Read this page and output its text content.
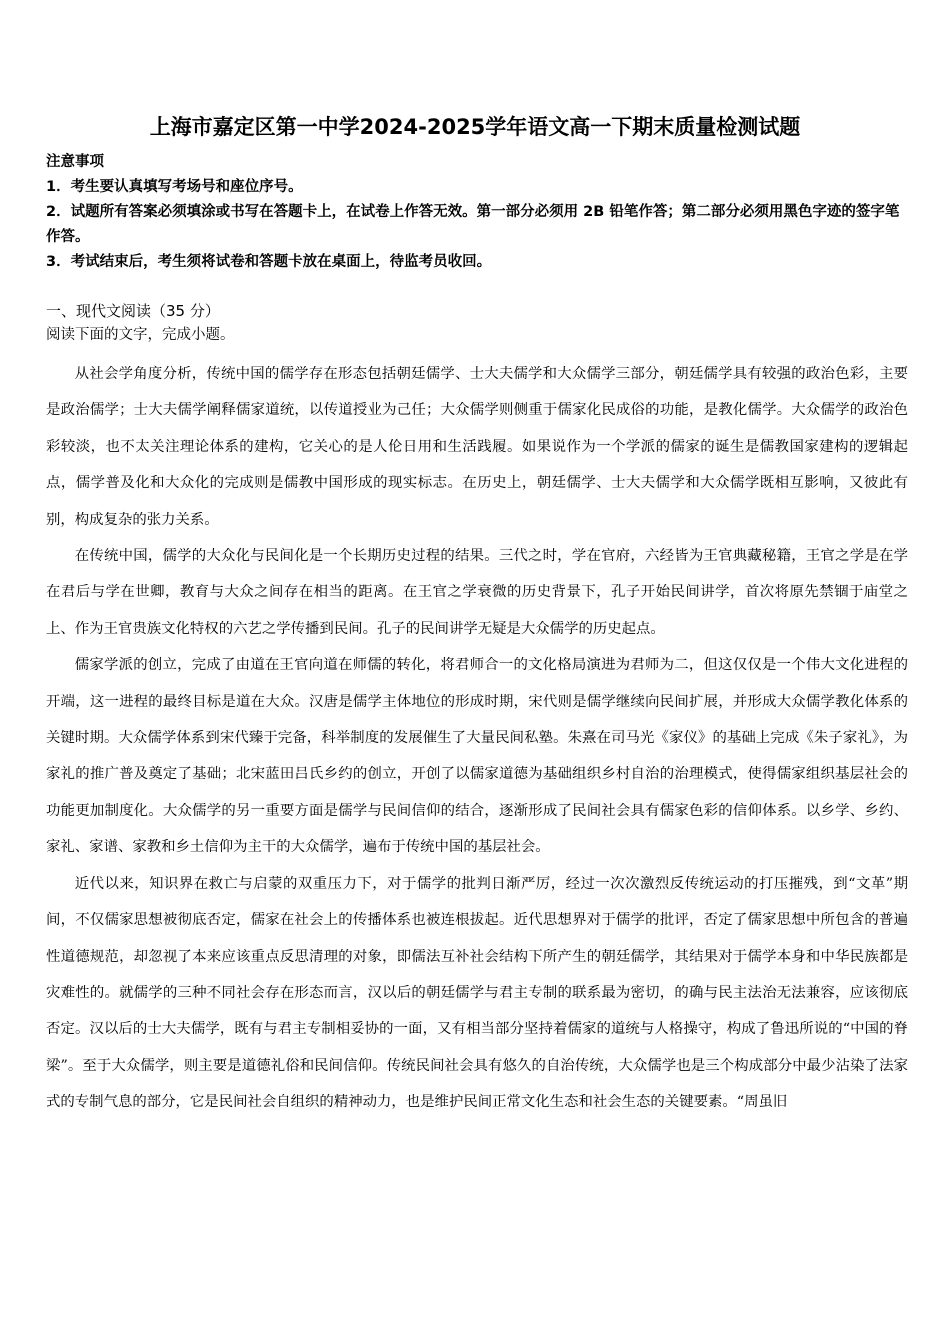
上海市嘉定区第一中学2024-2025学年语文高一下期末质量检测试题
注意事项
1．考生要认真填写考场号和座位序号。
2．试题所有答案必须填涂或书写在答题卡上，在试卷上作答无效。第一部分必须用 2B 铅笔作答；第二部分必须用黑色字迹的签字笔作答。
3．考试结束后，考生须将试卷和答题卡放在桌面上，待监考员收回。
一、现代文阅读（35 分）
阅读下面的文字，完成小题。

从社会学角度分析，传统中国的儒学存在形态包括朝廷儒学、士大夫儒学和大众儒学三部分，朝廷儒学具有较强的政治色彩，主要是政治儒学；士大夫儒学阐释儒家道统，以传道授业为己任；大众儒学则侧重于儒家化民成俗的功能，是教化儒学。大众儒学的政治色彩较淡，也不太关注理论体系的建构，它关心的是人伦日用和生活践履。如果说作为一个学派的儒家的诞生是儒教国家建构的逻辑起点，儒学普及化和大众化的完成则是儒教中国形成的现实标志。在历史上，朝廷儒学、士大夫儒学和大众儒学既相互影响，又彼此有别，构成复杂的张力关系。

在传统中国，儒学的大众化与民间化是一个长期历史过程的结果。三代之时，学在官府，六经皆为王官典藏秘籍，王官之学是在学在君后与学在世卿，教育与大众之间存在相当的距离。在王官之学衰微的历史背景下，孔子开始民间讲学，首次将原先禁锢于庙堂之上、作为王官贵族文化特权的六艺之学传播到民间。孔子的民间讲学无疑是大众儒学的历史起点。

儒家学派的创立，完成了由道在王官向道在师儒的转化，将君师合一的文化格局演进为君师为二，但这仅仅是一个伟大文化进程的开端，这一进程的最终目标是道在大众。汉唐是儒学主体地位的形成时期，宋代则是儒学继续向民间扩展，并形成大众儒学教化体系的关键时期。大众儒学体系到宋代臻于完备，科举制度的发展催生了大量民间私塾。朱熹在司马光《家仪》的基础上完成《朱子家礼》，为家礼的推广普及奠定了基础；北宋蓝田吕氏乡约的创立，开创了以儒家道德为基础组织乡村自治的治理模式，使得儒家组织基层社会的功能更加制度化。大众儒学的另一重要方面是儒学与民间信仰的结合，逐渐形成了民间社会具有儒家色彩的信仰体系。以乡学、乡约、家礼、家谱、家教和乡土信仰为主干的大众儒学，遍布于传统中国的基层社会。

近代以来，知识界在救亡与启蒙的双重压力下，对于儒学的批判日渐严厉，经过一次次激烈反传统运动的打压摧残，到“文革”期间，不仅儒家思想被彻底否定，儒家在社会上的传播体系也被连根拔起。近代思想界对于儒学的批评，否定了儒家思想中所包含的普遍性道德规范，却忽视了本来应该重点反思清理的对象，即儒法互补社会结构下所产生的朝廷儒学，其结果对于儒学本身和中华民族都是灾难性的。就儒学的三种不同社会存在形态而言，汉以后的朝廷儒学与君主专制的联系最为密切，的确与民主法治无法兼容，应该彻底否定。汉以后的士大夫儒学，既有与君主专制相妥协的一面，又有相当部分坚持着儒家的道统与人格操守，构成了鲁迅所说的“中国的脊梁”。至于大众儒学，则主要是道德礼俗和民间信仰。传统民间社会具有悠久的自治传统，大众儒学也是三个构成部分中最少沾染了法家式的专制气息的部分，它是民间社会自组织的精神动力，也是维护民间正常文化生态和社会生态的关键要素。“周虽旧
